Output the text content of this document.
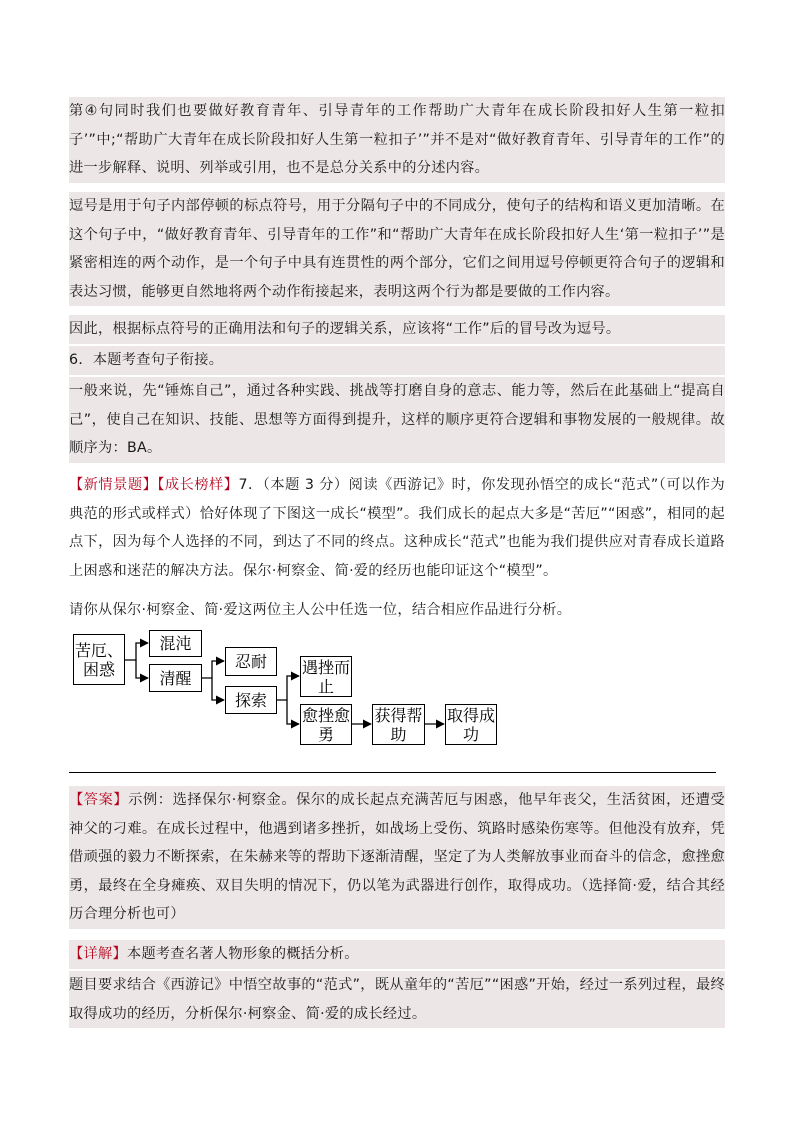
第④句同时我们也要做好教育青年、引导青年的工作帮助广大青年在成长阶段扣好人生第一粒扣子’”中;“帮助广大青年在成长阶段扣好人生第一粒扣子’”并不是对“做好教育青年、引导青年的工作”的进一步解释、说明、列举或引用，也不是总分关系中的分述内容。

逗号是用于句子内部停顿的标点符号，用于分隔句子中的不同成分，使句子的结构和语义更加清晰。在这个句子中，“做好教育青年、引导青年的工作”和“帮助广大青年在成长阶段扣好人生‘第一粒扣子’”是紧密相连的两个动作，是一个句子中具有连贯性的两个部分，它们之间用逗号停顿更符合句子的逻辑和表达习惯，能够更自然地将两个动作衔接起来，表明这两个行为都是要做的工作内容。

因此，根据标点符号的正确用法和句子的逻辑关系，应该将“工作”后的冒号改为逗号。

6．本题考查句子衔接。

一般来说，先“锤炼自己”，通过各种实践、挑战等打磨自身的意志、能力等，然后在此基础上“提高自己”，使自己在知识、技能、思想等方面得到提升，这样的顺序更符合逻辑和事物发展的一般规律。故顺序为：BA。

【新情景题】【成长榜样】7．（本题 3 分）阅读《西游记》时，你发现孙悟空的成长“范式”（可以作为典范的形式或样式）恰好体现了下图这一成长“模型”。我们成长的起点大多是“苦厄”“困惑”，相同的起点下，因为每个人选择的不同，到达了不同的终点。这种成长“范式”也能为我们提供应对青春成长道路上困惑和迷茫的解决方法。保尔·柯察金、简·爱的经历也能印证这个“模型”。

请你从保尔·柯察金、简·爱这两位主人公中任选一位，结合相应作品进行分析。

苦厄、困惑
混沌
清醒
忍耐
探索
遇挫而止
愈挫愈勇
获得帮助
取得成功

【答案】示例：选择保尔·柯察金。保尔的成长起点充满苦厄与困惑，他早年丧父，生活贫困，还遭受神父的刁难。在成长过程中，他遇到诸多挫折，如战场上受伤、筑路时感染伤寒等。但他没有放弃，凭借顽强的毅力不断探索，在朱赫来等的帮助下逐渐清醒，坚定了为人类解放事业而奋斗的信念，愈挫愈勇，最终在全身瘫痪、双目失明的情况下，仍以笔为武器进行创作，取得成功。（选择简·爱，结合其经历合理分析也可）

【详解】本题考查名著人物形象的概括分析。

题目要求结合《西游记》中悟空故事的“范式”，既从童年的“苦厄”“困惑”开始，经过一系列过程，最终取得成功的经历，分析保尔·柯察金、简·爱的成长经过。
